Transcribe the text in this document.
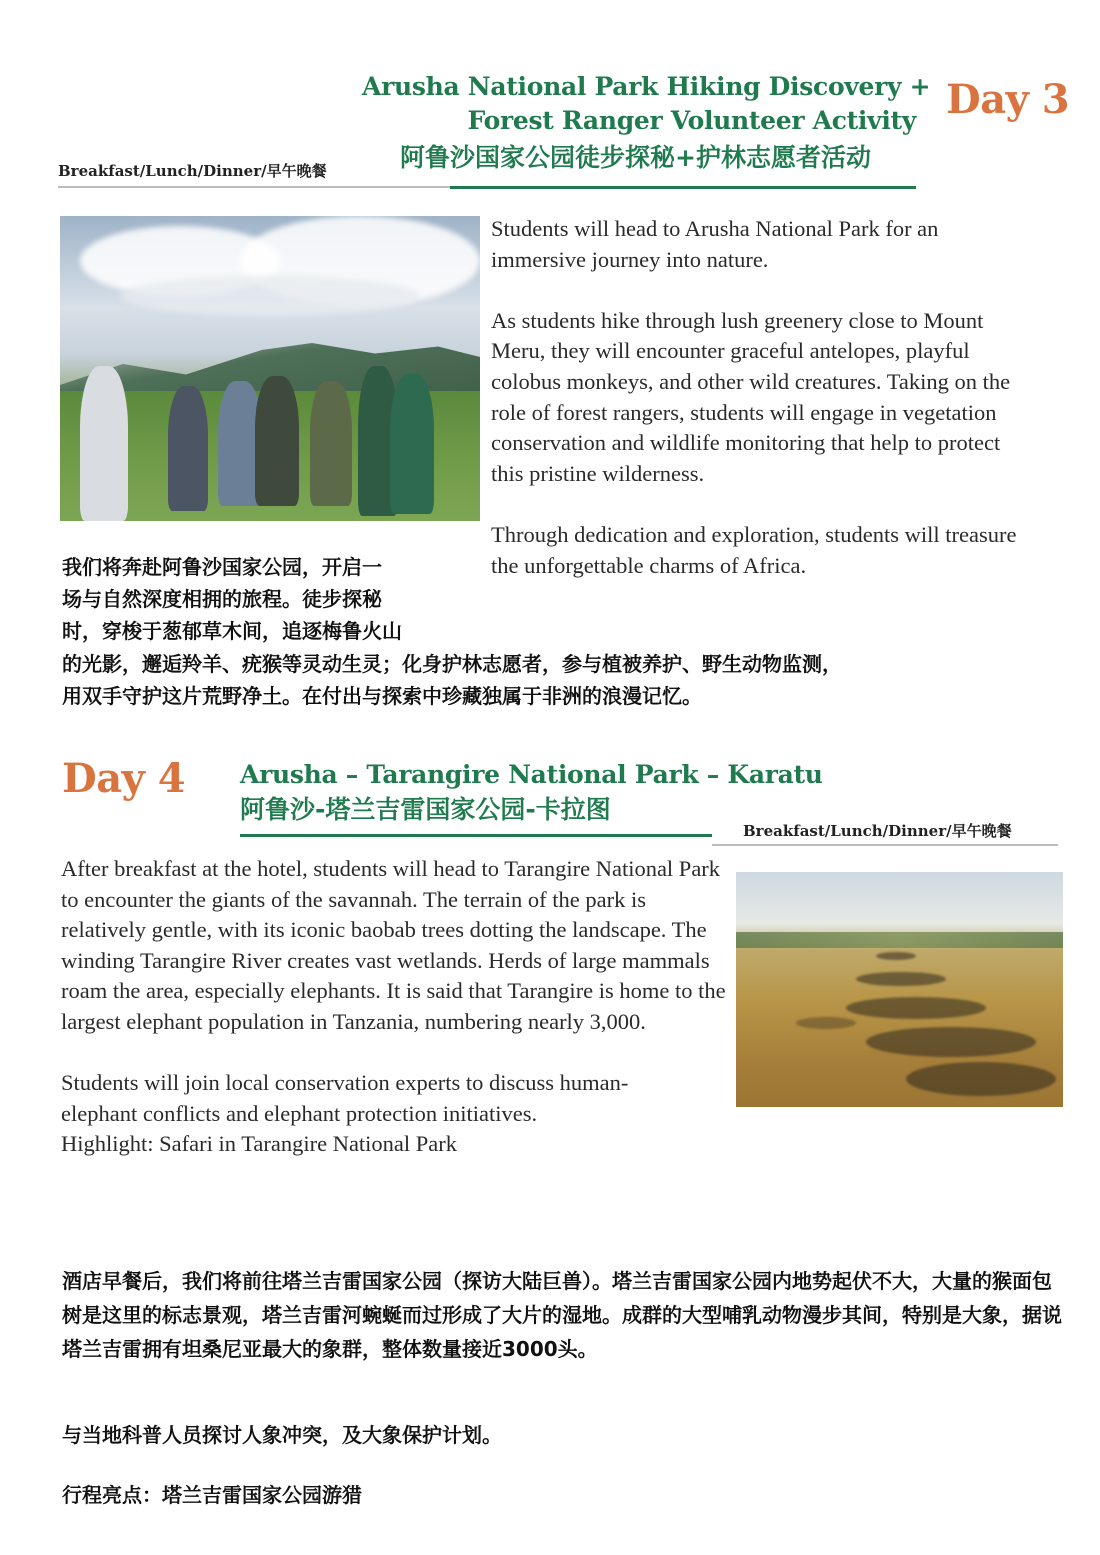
Arusha National Park Hiking Discovery +
Forest Ranger Volunteer Activity
阿鲁沙国家公园徒步探秘+护林志愿者活动
Day 3
Breakfast/Lunch/Dinner/早午晚餐

Students will head to Arusha National Park for an immersive journey into nature.

As students hike through lush greenery close to Mount Meru, they will encounter graceful antelopes, playful colobus monkeys, and other wild creatures. Taking on the role of forest rangers, students will engage in vegetation conservation and wildlife monitoring that help to protect this pristine wilderness.

Through dedication and exploration, students will treasure the unforgettable charms of Africa.

我们将奔赴阿鲁沙国家公园，开启一
场与自然深度相拥的旅程。徒步探秘
时，穿梭于葱郁草木间，追逐梅鲁火山
的光影，邂逅羚羊、疣猴等灵动生灵；化身护林志愿者，参与植被养护、野生动物监测，
用双手守护这片荒野净土。在付出与探索中珍藏独属于非洲的浪漫记忆。
Day 4 Arusha – Tarangire National Park – Karatu
阿鲁沙-塔兰吉雷国家公园-卡拉图
Breakfast/Lunch/Dinner/早午晚餐

After breakfast at the hotel, students will head to Tarangire National Park to encounter the giants of the savannah. The terrain of the park is relatively gentle, with its iconic baobab trees dotting the landscape. The winding Tarangire River creates vast wetlands. Herds of large mammals roam the area, especially elephants. It is said that Tarangire is home to the largest elephant population in Tanzania, numbering nearly 3,000.

Students will join local conservation experts to discuss human-elephant conflicts and elephant protection initiatives.

Highlight: Safari in Tarangire National Park

酒店早餐后，我们将前往塔兰吉雷国家公园（探访大陆巨兽）。塔兰吉雷国家公园内地势起伏不大，大量的猴面包树是这里的标志景观，塔兰吉雷河蜿蜒而过形成了大片的湿地。成群的大型哺乳动物漫步其间，特别是大象，据说塔兰吉雷拥有坦桑尼亚最大的象群，整体数量接近3000头。
与当地科普人员探讨人象冲突，及大象保护计划。
行程亮点：塔兰吉雷国家公园游猎
